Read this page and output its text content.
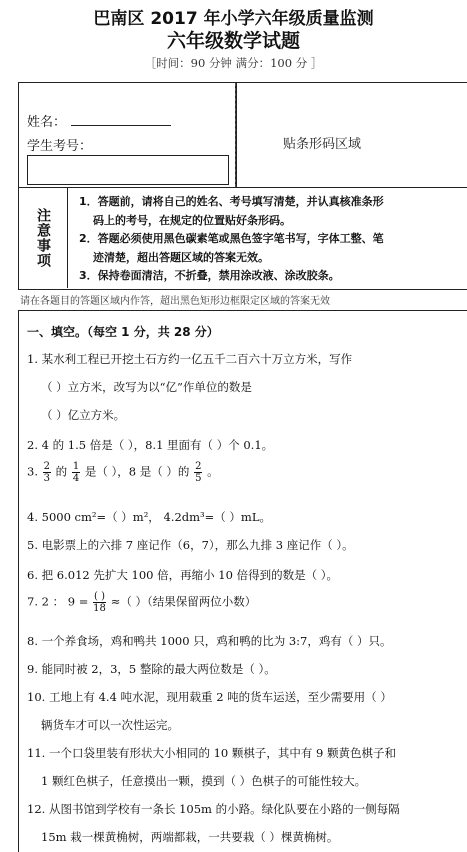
巴南区 2017 年小学六年级质量监测
六年级数学试题
［时间：90 分钟 满分：100 分 ］
姓名：
学生考号：	贴条形码区域
注意事项
1．答题前，请将自己的姓名、考号填写清楚，并认真核准条形
码上的考号，在规定的位置贴好条形码。
2．答题必须使用黑色碳素笔或黑色签字笔书写，字体工整、笔
迹清楚，超出答题区域的答案无效。
3．保持卷面清洁，不折叠，禁用涂改液、涂改胶条。
请在各题目的答题区域内作答，超出黑色矩形边框限定区域的答案无效
一、填空。（每空 1 分，共 28 分）
1. 某水利工程已开挖土石方约一亿五千二百六十万立方米，写作
（ ）立方米，改写为以“亿”作单位的数是
（ ）亿立方米。
2. 4 的 1.5 倍是（ ），8.1 里面有（ ）个 0.1。
3. $\frac{2}{3}$ 的 $\frac{1}{4}$ 是（ ），8 是（ ）的 $\frac{2}{5}$ 。
4. 5000 cm²=（ ）m²， 4.2dm³=（ ）mL。
5. 电影票上的六排 7 座记作（6，7），那么九排 3 座记作（ ）。
6. 把 6.012 先扩大 100 倍，再缩小 10 倍得到的数是（ ）。
7. 2 ： $9 = \frac{( )}{18}$ ≈（ ）（结果保留两位小数）
8. 一个养食场，鸡和鸭共 1000 只，鸡和鸭的比为 3:7，鸡有（ ）只。
9. 能同时被 2，3，5 整除的最大两位数是（ ）。
10. 工地上有 4.4 吨水泥，现用载重 2 吨的货车运送，至少需要用（ ）
辆货车才可以一次性运完。
11. 一个口袋里装有形状大小相同的 10 颗棋子，其中有 9 颗黄色棋子和
1 颗红色棋子，任意摸出一颗，摸到（ ）色棋子的可能性较大。
12. 从图书馆到学校有一条长 105m 的小路。绿化队要在小路的一侧每隔
15m 栽一棵黄桷树，两端都栽，一共要栽（ ）棵黄桷树。
